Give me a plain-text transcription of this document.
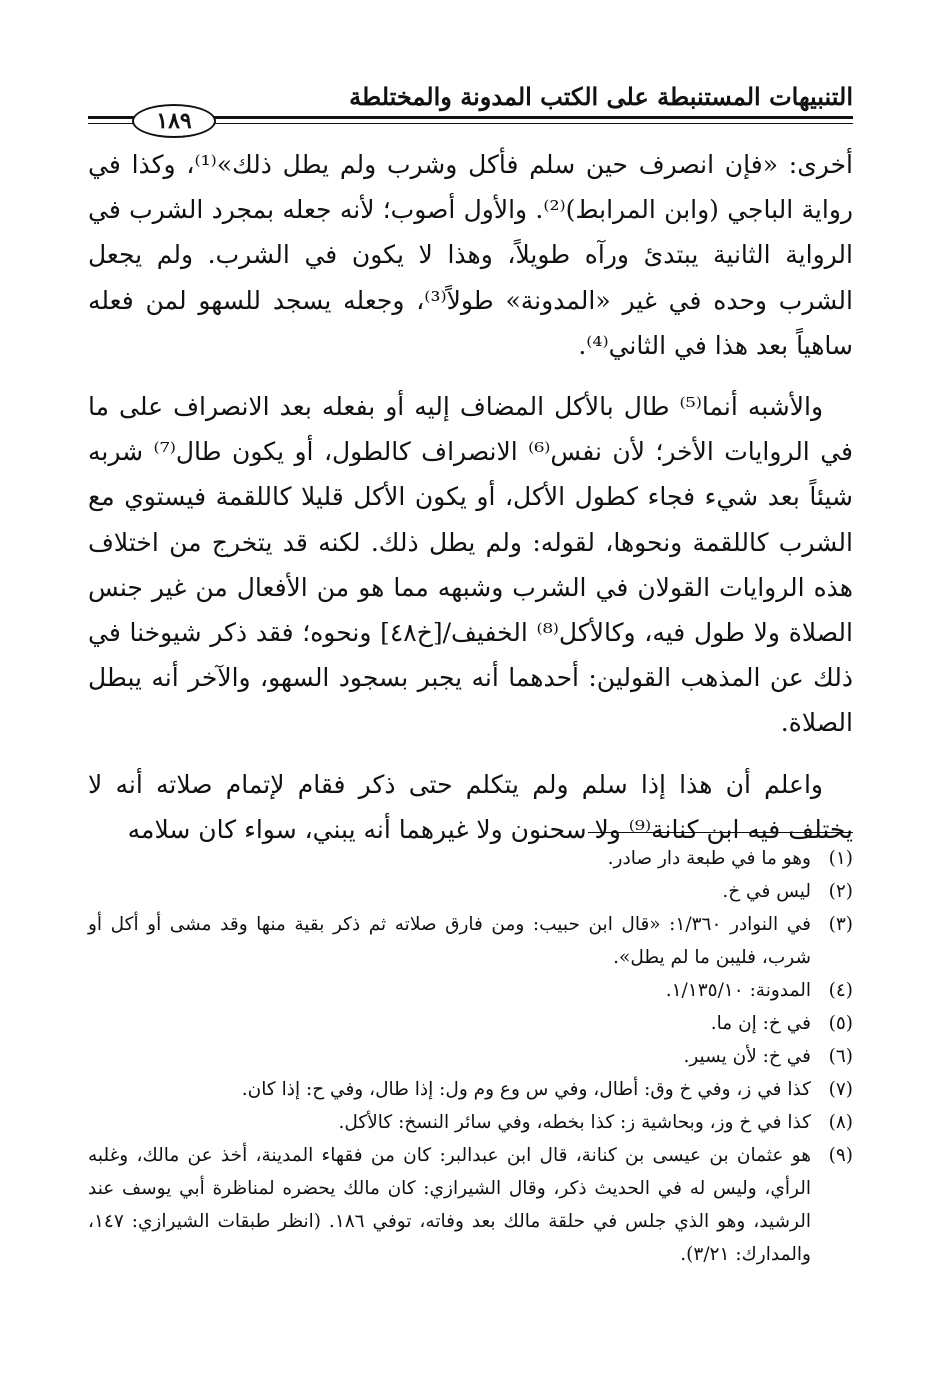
التنبيهات المستنبطة على الكتب المدونة والمختلطة
١٨٩

أخرى: «فإن انصرف حين سلم فأكل وشرب ولم يطل ذلك»⁽¹⁾، وكذا في رواية الباجي (وابن المرابط)⁽²⁾. والأول أصوب؛ لأنه جعله بمجرد الشرب في الرواية الثانية يبتدئ ورآه طويلاً، وهذا لا يكون في الشرب. ولم يجعل الشرب وحده في غير «المدونة» طولاً⁽³⁾، وجعله يسجد للسهو لمن فعله ساهياً بعد هذا في الثاني⁽⁴⁾.

والأشبه أنما⁽⁵⁾ طال بالأكل المضاف إليه أو بفعله بعد الانصراف على ما في الروايات الأخر؛ لأن نفس⁽⁶⁾ الانصراف كالطول، أو يكون طال⁽⁷⁾ شربه شيئاً بعد شيء فجاء كطول الأكل، أو يكون الأكل قليلا كاللقمة فيستوي مع الشرب كاللقمة ونحوها، لقوله: ولم يطل ذلك. لكنه قد يتخرج من اختلاف هذه الروايات القولان في الشرب وشبهه مما هو من الأفعال من غير جنس الصلاة ولا طول فيه، وكالأكل⁽⁸⁾ الخفيف/[خ٤٨] ونحوه؛ فقد ذكر شيوخنا في ذلك عن المذهب القولين: أحدهما أنه يجبر بسجود السهو، والآخر أنه يبطل الصلاة.

واعلم أن هذا إذا سلم ولم يتكلم حتى ذكر فقام لإتمام صلاته أنه لا يختلف فيه ابن كنانة⁽⁹⁾ ولا سحنون ولا غيرهما أنه يبني، سواء كان سلامه

(١)
وهو ما في طبعة دار صادر.
(٢)
ليس في خ.
(٣)
في النوادر ١/٣٦٠: «قال ابن حبيب: ومن فارق صلاته ثم ذكر بقية منها وقد مشى أو أكل أو شرب، فليبن ما لم يطل».
(٤)
المدونة: ١/١٣٥/١٠.
(٥)
في خ: إن ما.
(٦)
في خ: لأن يسير.
(٧)
كذا في ز، وفي خ وق: أطال، وفي س وع وم ول: إذا طال، وفي ح: إذا كان.
(٨)
كذا في خ وز، وبحاشية ز: كذا بخطه، وفي سائر النسخ: كالأكل.
(٩)
هو عثمان بن عيسى بن كنانة، قال ابن عبدالبر: كان من فقهاء المدينة، أخذ عن مالك، وغلبه الرأي، وليس له في الحديث ذكر، وقال الشيرازي: كان مالك يحضره لمناظرة أبي يوسف عند الرشيد، وهو الذي جلس في حلقة مالك بعد وفاته، توفي ١٨٦. (انظر طبقات الشيرازي: ١٤٧، والمدارك: ٣/٢١).
